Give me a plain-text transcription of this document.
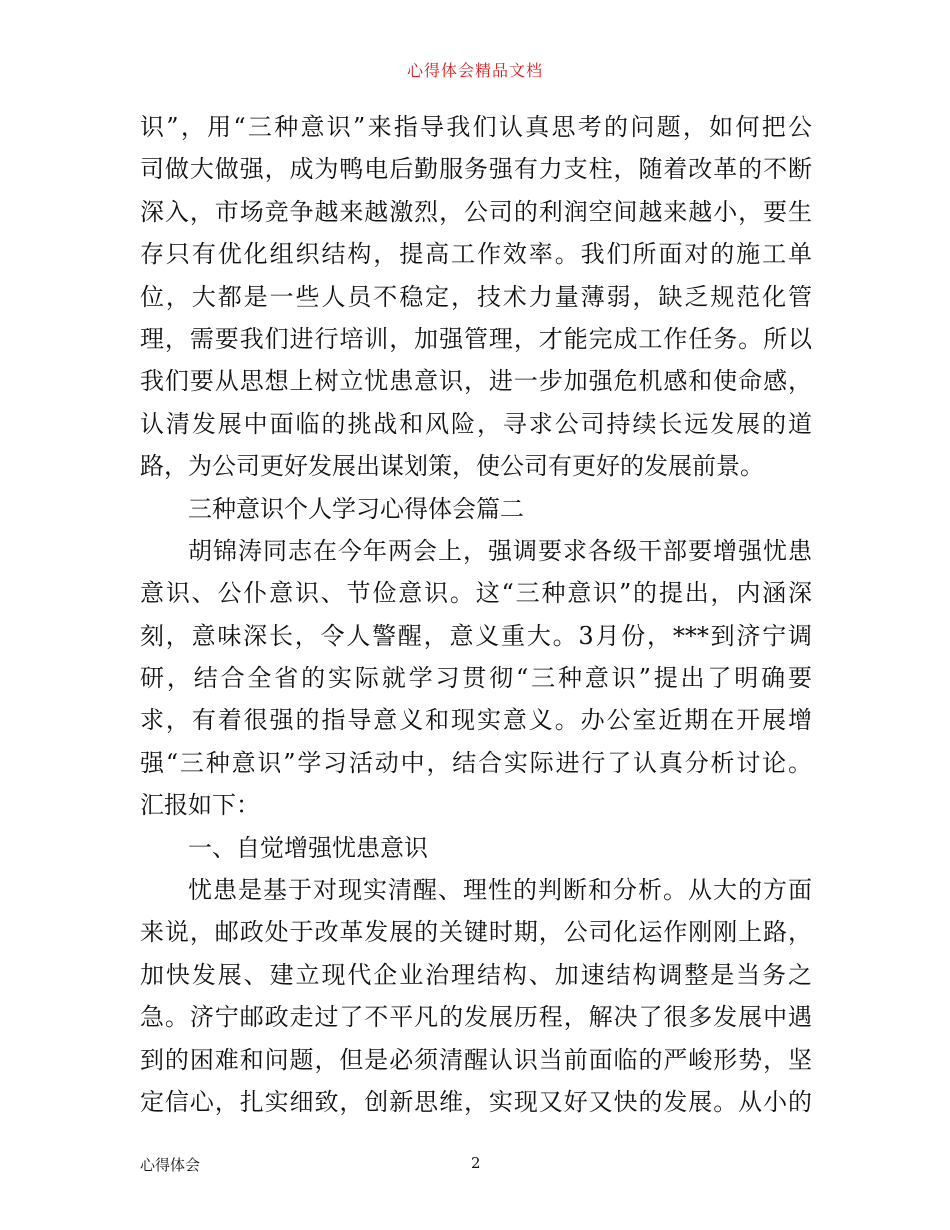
心得体会精品文档
识”，用“三种意识”来指导我们认真思考的问题，如何把公
司做大做强，成为鸭电后勤服务强有力支柱，随着改革的不断
深入，市场竞争越来越激烈，公司的利润空间越来越小，要生
存只有优化组织结构，提高工作效率。我们所面对的施工单
位，大都是一些人员不稳定，技术力量薄弱，缺乏规范化管
理，需要我们进行培训，加强管理，才能完成工作任务。所以
我们要从思想上树立忧患意识，进一步加强危机感和使命感，
认清发展中面临的挑战和风险，寻求公司持续长远发展的道
路，为公司更好发展出谋划策，使公司有更好的发展前景。
三种意识个人学习心得体会篇二
胡锦涛同志在今年两会上，强调要求各级干部要增强忧患
意识、公仆意识、节俭意识。这“三种意识”的提出，内涵深
刻，意味深长，令人警醒，意义重大。3月份，***到济宁调
研，结合全省的实际就学习贯彻“三种意识”提出了明确要
求，有着很强的指导意义和现实意义。办公室近期在开展增
强“三种意识”学习活动中，结合实际进行了认真分析讨论。
汇报如下：
一、自觉增强忧患意识
忧患是基于对现实清醒、理性的判断和分析。从大的方面
来说，邮政处于改革发展的关键时期，公司化运作刚刚上路，
加快发展、建立现代企业治理结构、加速结构调整是当务之
急。济宁邮政走过了不平凡的发展历程，解决了很多发展中遇
到的困难和问题，但是必须清醒认识当前面临的严峻形势，坚
定信心，扎实细致，创新思维，实现又好又快的发展。从小的
心得体会	2
